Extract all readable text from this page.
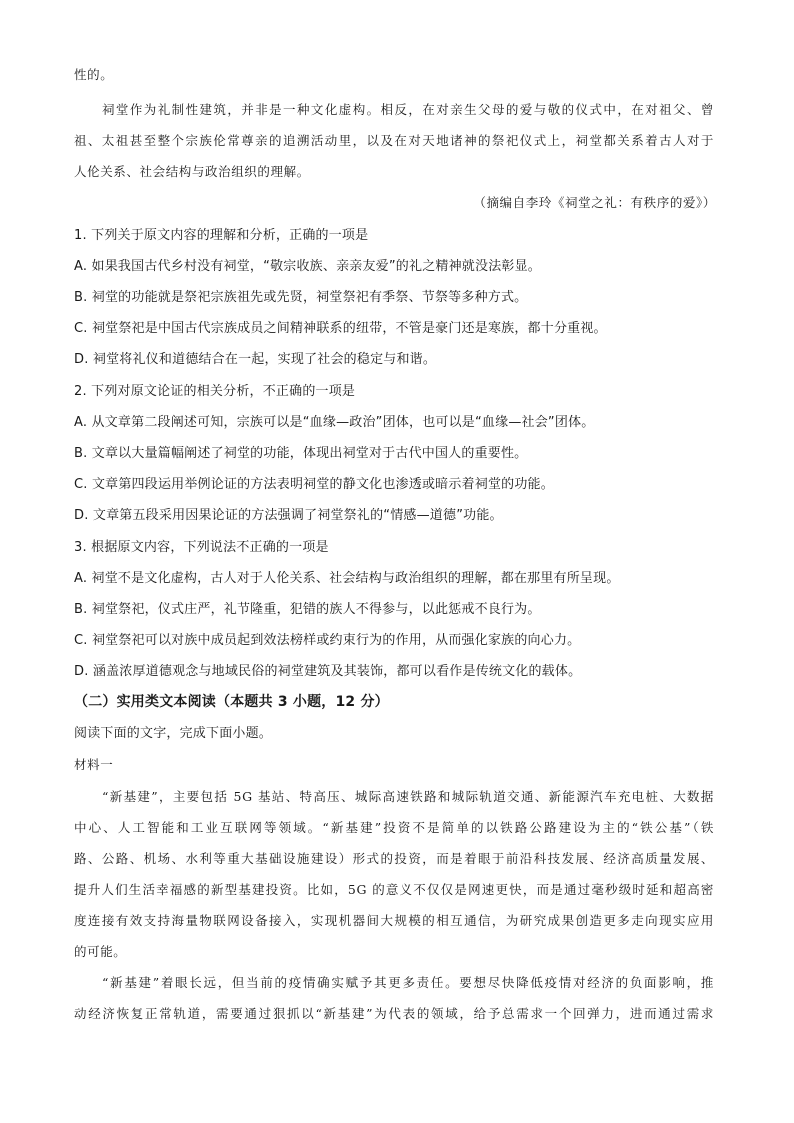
性的。
祠堂作为礼制性建筑，并非是一种文化虚构。相反，在对亲生父母的爱与敬的仪式中，在对祖父、曾
祖、太祖甚至整个宗族伦常尊亲的追溯活动里，以及在对天地诸神的祭祀仪式上，祠堂都关系着古人对于
人伦关系、社会结构与政治组织的理解。
（摘编自李玲《祠堂之礼：有秩序的爱》）
1. 下列关于原文内容的理解和分析，正确的一项是
A. 如果我国古代乡村没有祠堂，“敬宗收族、亲亲友爱”的礼之精神就没法彰显。
B. 祠堂的功能就是祭祀宗族祖先或先贤，祠堂祭祀有季祭、节祭等多种方式。
C. 祠堂祭祀是中国古代宗族成员之间精神联系的纽带，不管是豪门还是寒族，都十分重视。
D. 祠堂将礼仪和道德结合在一起，实现了社会的稳定与和谐。
2. 下列对原文论证的相关分析，不正确的一项是
A. 从文章第二段阐述可知，宗族可以是“血缘—政治”团体，也可以是“血缘—社会”团体。
B. 文章以大量篇幅阐述了祠堂的功能，体现出祠堂对于古代中国人的重要性。
C. 文章第四段运用举例论证的方法表明祠堂的静文化也渗透或暗示着祠堂的功能。
D. 文章第五段采用因果论证的方法强调了祠堂祭礼的“情感—道德”功能。
3. 根据原文内容，下列说法不正确的一项是
A. 祠堂不是文化虚构，古人对于人伦关系、社会结构与政治组织的理解，都在那里有所呈现。
B. 祠堂祭祀，仪式庄严，礼节隆重，犯错的族人不得参与，以此惩戒不良行为。
C. 祠堂祭祀可以对族中成员起到效法榜样或约束行为的作用，从而强化家族的向心力。
D. 涵盖浓厚道德观念与地域民俗的祠堂建筑及其装饰，都可以看作是传统文化的载体。
（二）实用类文本阅读（本题共 3 小题，12 分）
阅读下面的文字，完成下面小题。
材料一
“新基建”，主要包括 5G 基站、特高压、城际高速铁路和城际轨道交通、新能源汽车充电桩、大数据
中心、人工智能和工业互联网等领域。“新基建”投资不是简单的以铁路公路建设为主的“铁公基”（铁
路、公路、机场、水利等重大基础设施建设）形式的投资，而是着眼于前沿科技发展、经济高质量发展、
提升人们生活幸福感的新型基建投资。比如，5G 的意义不仅仅是网速更快，而是通过毫秒级时延和超高密
度连接有效支持海量物联网设备接入，实现机器间大规模的相互通信，为研究成果创造更多走向现实应用
的可能。
“新基建”着眼长远，但当前的疫情确实赋予其更多责任。要想尽快降低疫情对经济的负面影响，推
动经济恢复正常轨道，需要通过狠抓以“新基建”为代表的领域，给予总需求一个回弹力，进而通过需求
